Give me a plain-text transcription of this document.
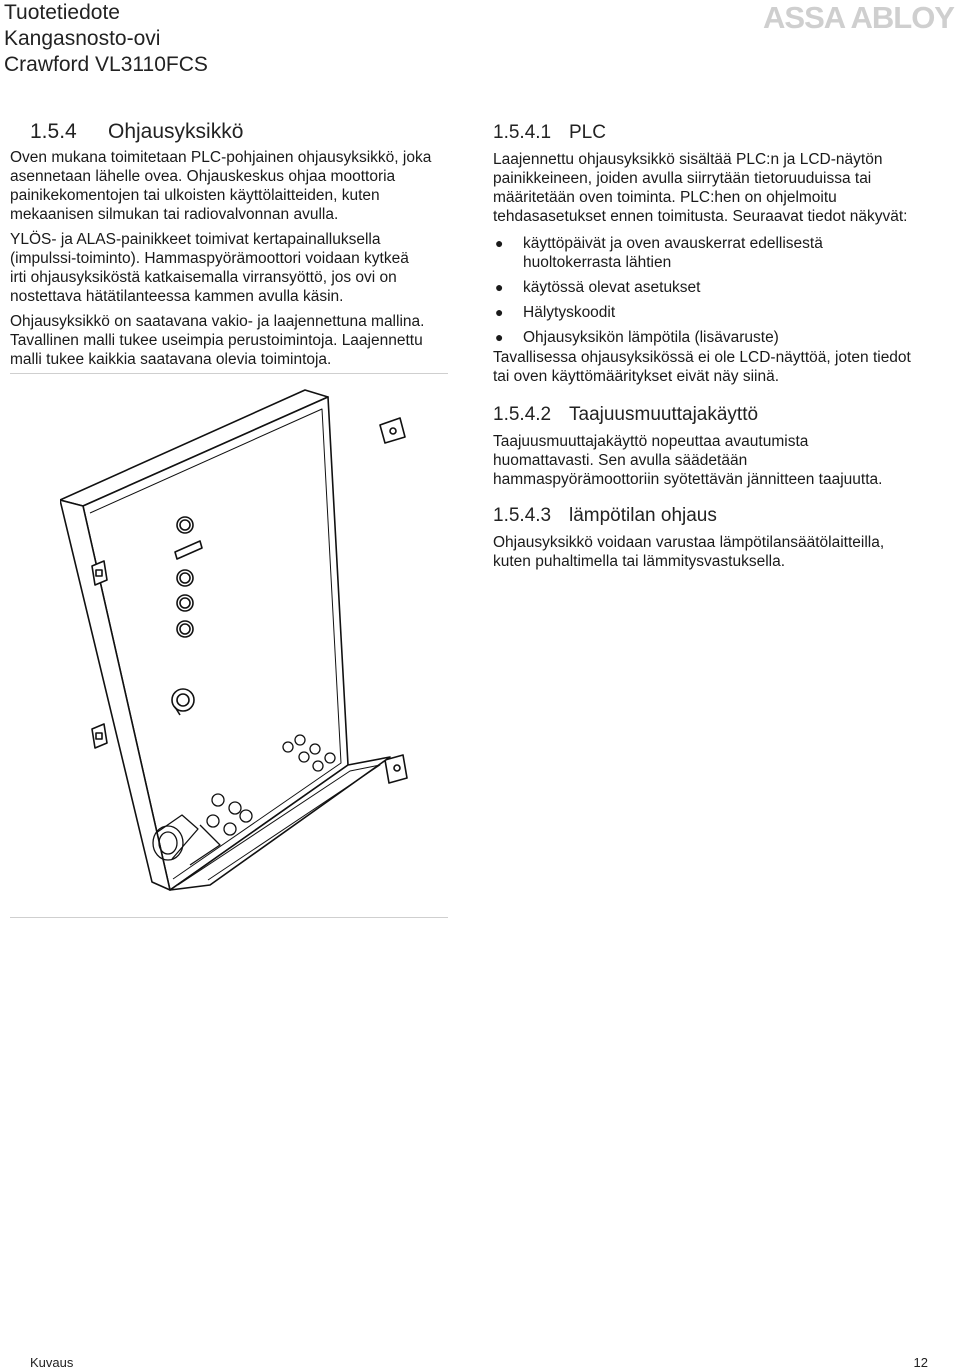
Tuotetiedote
Kangasnosto-ovi
Crawford VL3110FCS
ASSA ABLOY
1.5.4	Ohjausyksikkö

Oven mukana toimitetaan PLC-pohjainen ohjausyksikkö, joka

asennetaan lähelle ovea. Ohjauskeskus ohjaa moottoria

painikekomentojen tai ulkoisten käyttölaitteiden, kuten

mekaanisen silmukan tai radiovalvonnan avulla.

YLÖS- ja ALAS-painikkeet toimivat kertapainalluksella

(impulssi-toiminto). Hammaspyörämoottori voidaan kytkeä

irti ohjausyksiköstä katkaisemalla virransyöttö, jos ovi on

nostettava hätätilanteessa kammen avulla käsin.

Ohjausyksikkö on saatavana vakio- ja laajennettuna mallina.

Tavallinen malli tukee useimpia perustoimintoja. Laajennettu

malli tukee kaikkia saatavana olevia toimintoja.

1.5.4.1 PLC

Laajennettu ohjausyksikkö sisältää PLC:n ja LCD-näytön

painikkeineen, joiden avulla siirrytään tietoruuduissa tai

määritetään oven toiminta. PLC:hen on ohjelmoitu

tehdasasetukset ennen toimitusta. Seuraavat tiedot näkyvät:

● käyttöpäivät ja oven avauskerrat edellisestä
huoltokerrasta lähtien
● käytössä olevat asetukset
● Hälytyskoodit
● Ohjausyksikön lämpötila (lisävaruste)

Tavallisessa ohjausyksikössä ei ole LCD-näyttöä, joten tiedot

tai oven käyttömääritykset eivät näy siinä.

1.5.4.2 Taajuusmuuttajakäyttö

Taajuusmuuttajakäyttö nopeuttaa avautumista

huomattavasti. Sen avulla säädetään

hammaspyörämoottoriin syötettävän jännitteen taajuutta.

1.5.4.3 lämpötilan ohjaus

Ohjausyksikkö voidaan varustaa lämpötilansäätölaitteilla,

kuten puhaltimella tai lämmitysvastuksella.

Kuvaus	12
